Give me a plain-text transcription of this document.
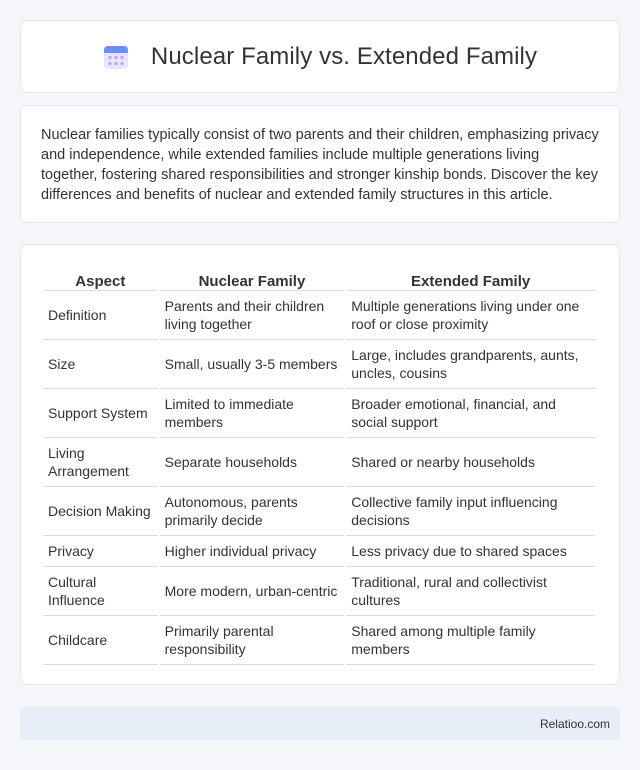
Nuclear Family vs. Extended Family

Nuclear families typically consist of two parents and their children, emphasizing privacy and independence, while extended families include multiple generations living together, fostering shared responsibilities and stronger kinship bonds. Discover the key differences and benefits of nuclear and extended family structures in this article.

Aspect	Nuclear Family	Extended Family
Definition	Parents and their children living together	Multiple generations living under one roof or close proximity
Size	Small, usually 3-5 members	Large, includes grandparents, aunts, uncles, cousins
Support System	Limited to immediate members	Broader emotional, financial, and social support
Living Arrangement	Separate households	Shared or nearby households
Decision Making	Autonomous, parents primarily decide	Collective family input influencing decisions
Privacy	Higher individual privacy	Less privacy due to shared spaces
Cultural Influence	More modern, urban-centric	Traditional, rural and collectivist cultures
Childcare	Primarily parental responsibility	Shared among multiple family members
Relatioo.com
